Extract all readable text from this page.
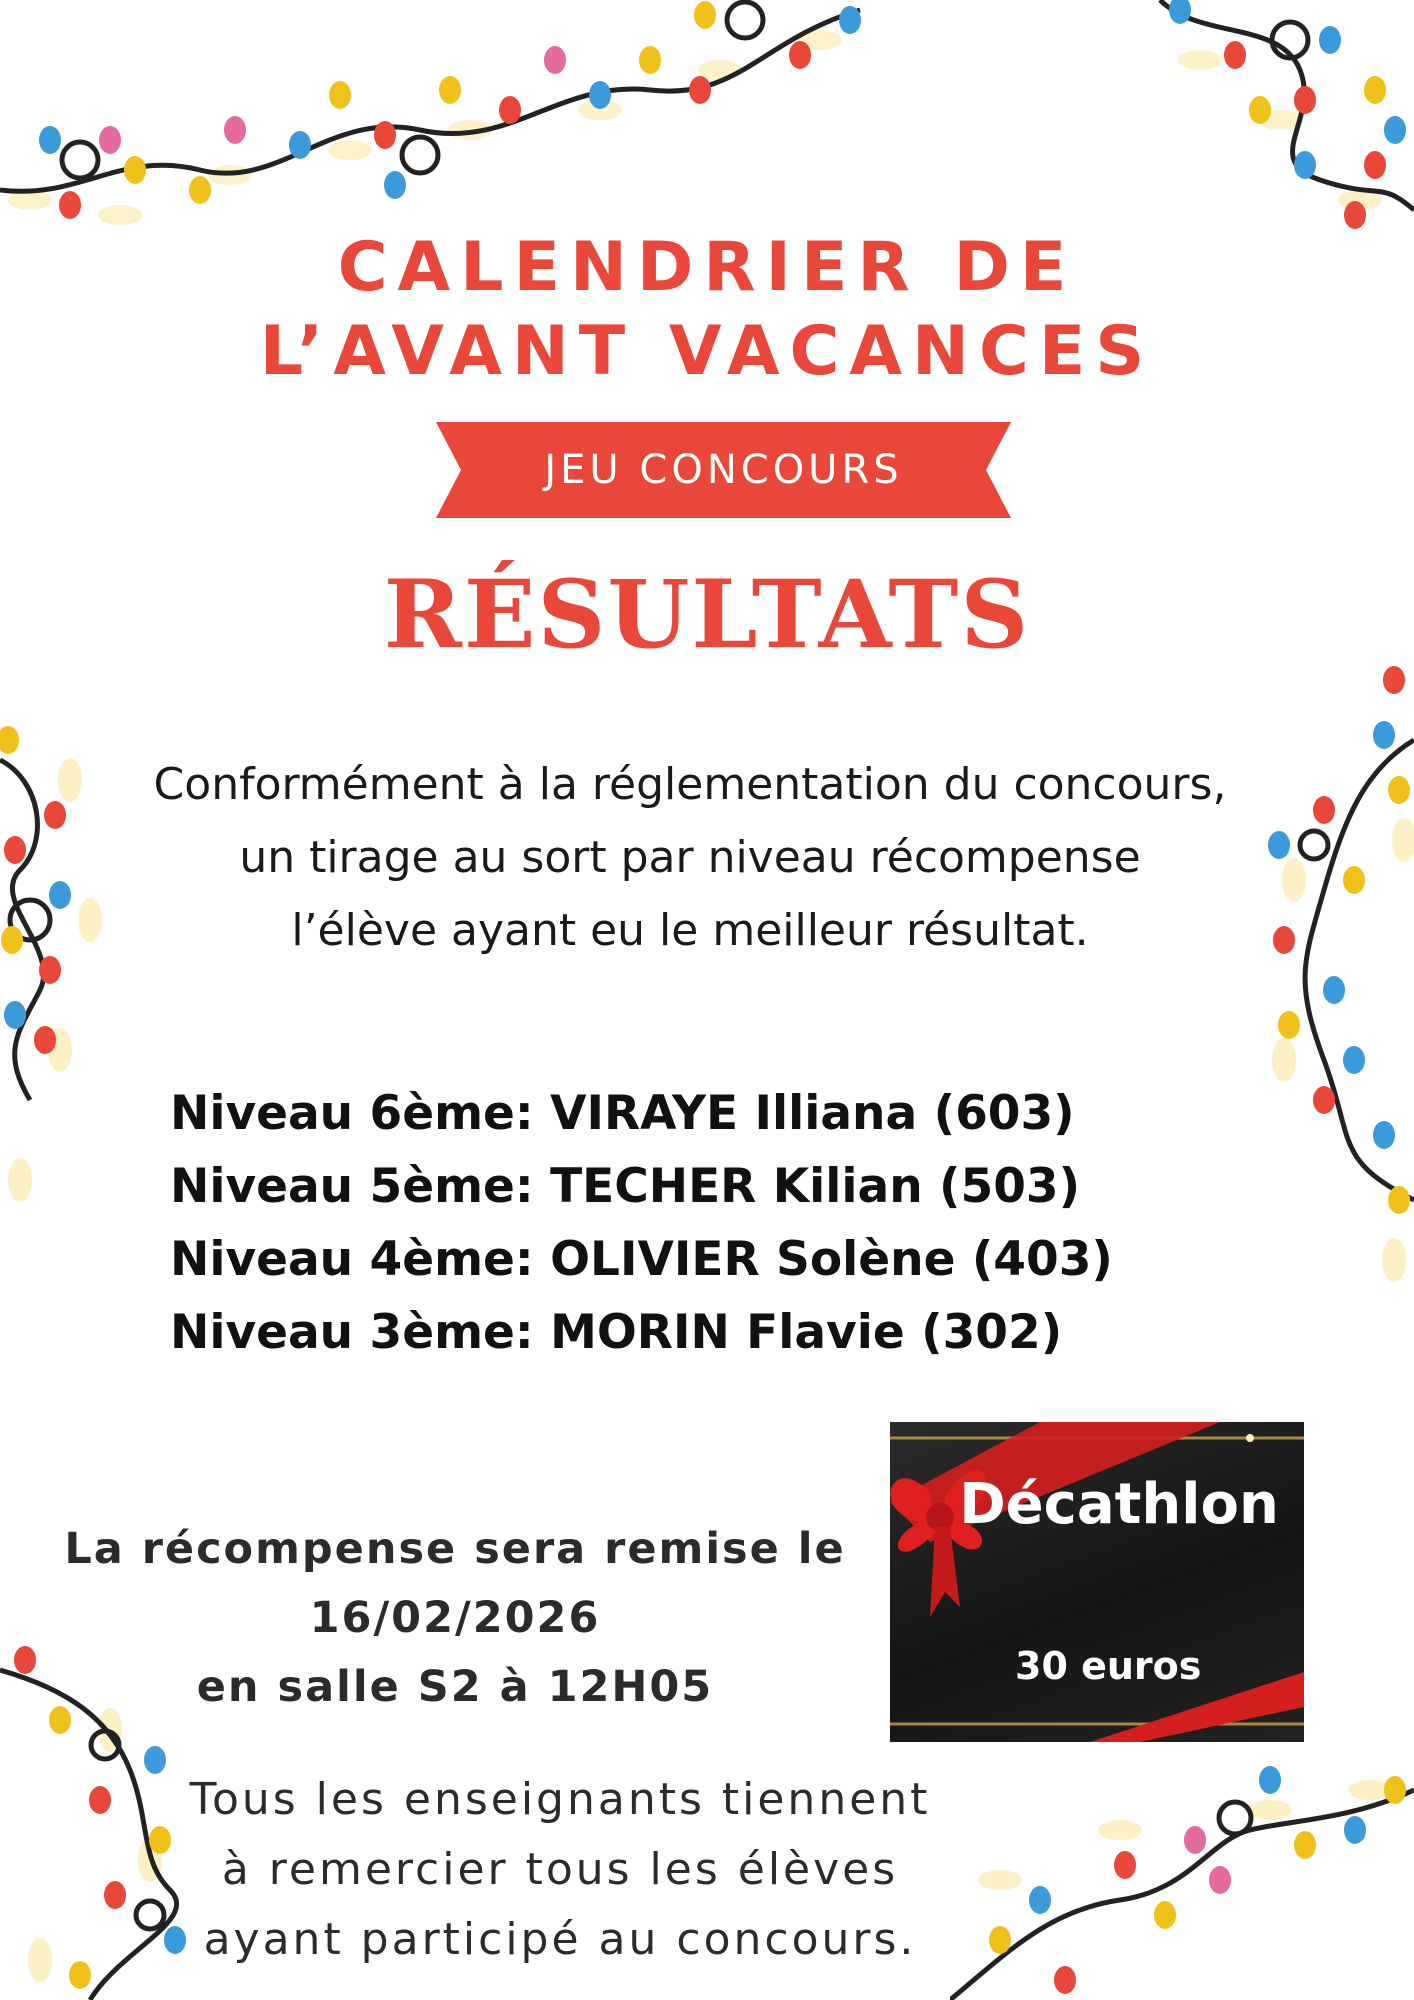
CALENDRIER DE
L’AVANT VACANCES
JEU CONCOURS
RÉSULTATS
Conformément à la réglementation du concours,
un tirage au sort par niveau récompense
l’élève ayant eu le meilleur résultat.
Niveau 6ème: VIRAYE Illiana (603)
Niveau 5ème: TECHER Kilian (503)
Niveau 4ème: OLIVIER Solène (403)
Niveau 3ème: MORIN Flavie (302)
La récompense sera remise le
16/02/2026
en salle S2 à 12H05
Décathlon
30 euros
Tous les enseignants tiennent
à remercier tous les élèves
ayant participé au concours.
